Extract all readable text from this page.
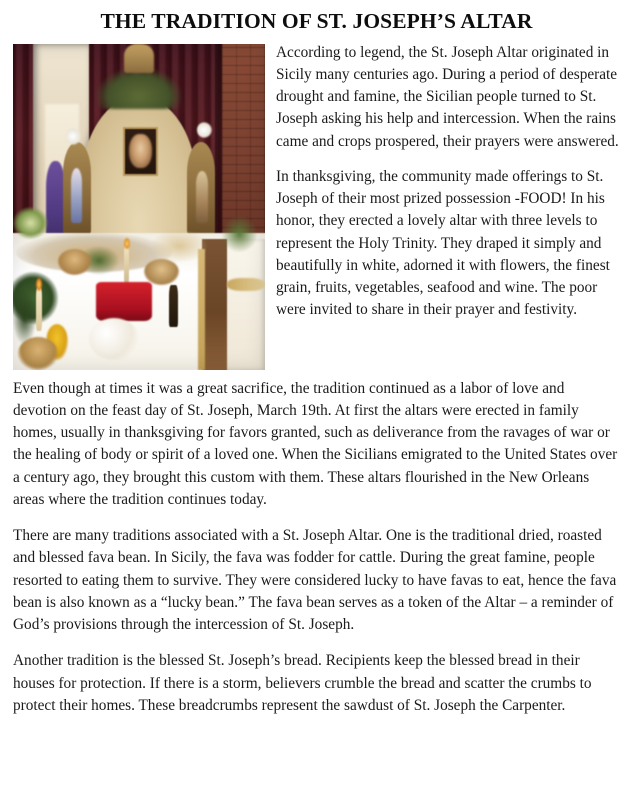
THE TRADITION OF ST. JOSEPH’S ALTAR

According to legend, the St. Joseph Altar originated in Sicily many centuries ago. During a period of desperate drought and famine, the Sicilian people turned to St. Joseph asking his help and intercession. When the rains came and crops prospered, their prayers were answered.

In thanksgiving, the community made offerings to St. Joseph of their most prized possession -FOOD! In his honor, they erected a lovely altar with three levels to represent the Holy Trinity. They draped it simply and beautifully in white, adorned it with flowers, the finest grain, fruits, vegetables, seafood and wine. The poor were invited to share in their prayer and festivity.

Even though at times it was a great sacrifice, the tradition continued as a labor of love and devotion on the feast day of St. Joseph, March 19th. At first the altars were erected in family homes, usually in thanksgiving for favors granted, such as deliverance from the ravages of war or the healing of body or spirit of a loved one. When the Sicilians emigrated to the United States over a century ago, they brought this custom with them. These altars flourished in the New Orleans areas where the tradition continues today.

There are many traditions associated with a St. Joseph Altar. One is the traditional dried, roasted and blessed fava bean. In Sicily, the fava was fodder for cattle. During the great famine, people resorted to eating them to survive. They were considered lucky to have favas to eat, hence the fava bean is also known as a “lucky bean.” The fava bean serves as a token of the Altar – a reminder of God’s provisions through the intercession of St. Joseph.

Another tradition is the blessed St. Joseph’s bread. Recipients keep the blessed bread in their houses for protection. If there is a storm, believers crumble the bread and scatter the crumbs to protect their homes. These breadcrumbs represent the sawdust of St. Joseph the Carpenter.
